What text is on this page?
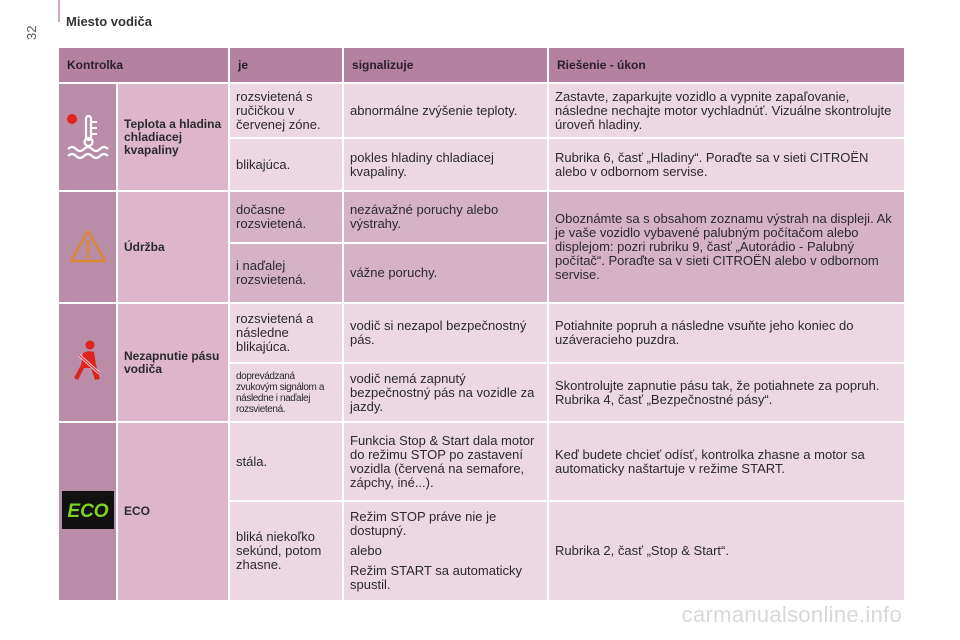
Miesto vodiča
32
Kontrolka		je	signalizuje	Riešenie - úkon
	Teplota a hladina chladiacej kvapaliny	rozsvietená s ručičkou v červenej zóne.	abnormálne zvýšenie teploty.	Zastavte, zaparkujte vozidlo a vypnite zapaľovanie, následne nechajte motor vychladnúť. Vizuálne skontrolujte úroveň hladiny.
		blikajúca.	pokles hladiny chladiacej kvapaliny.	Rubrika 6, časť „Hladiny“. Poraďte sa v sieti CITROËN alebo v odbornom servise.
	Údržba	dočasne rozsvietená.	nezávažné poruchy alebo výstrahy.	Oboznámte sa s obsahom zoznamu výstrah na displeji. Ak je vaše vozidlo vybavené palubným počítačom alebo displejom: pozri rubriku 9, časť „Autorádio - Palubný počítač“. Poraďte sa v sieti CITROËN alebo v odbornom servise.
		i naďalej rozsvietená.	vážne poruchy.	
	Nezapnutie pásu vodiča	rozsvietená a následne blikajúca.	vodič si nezapol bezpečnostný pás.	Potiahnite popruh a následne vsuňte jeho koniec do uzáveracieho puzdra.
		doprevádzaná zvukovým signálom a následne i naďalej rozsvietená.	vodič nemá zapnutý bezpečnostný pás na vozidle za jazdy.	Skontrolujte zapnutie pásu tak, že potiahnete za popruh. Rubrika 4, časť „Bezpečnostné pásy“.

ECO	ECO	stála.	Funkcia Stop & Start dala motor do režimu STOP po zastavení vozidla (červená na semafore, zápchy, iné...).	Keď budete chcieť odísť, kontrolka zhasne a motor sa automaticky naštartuje v režime START.
		bliká niekoľko sekúnd, potom zhasne.	Režim STOP práve nie je dostupný.
alebo
Režim START sa automaticky spustil.	Rubrika 2, časť „Stop & Start“.
carmanualsonline.info
